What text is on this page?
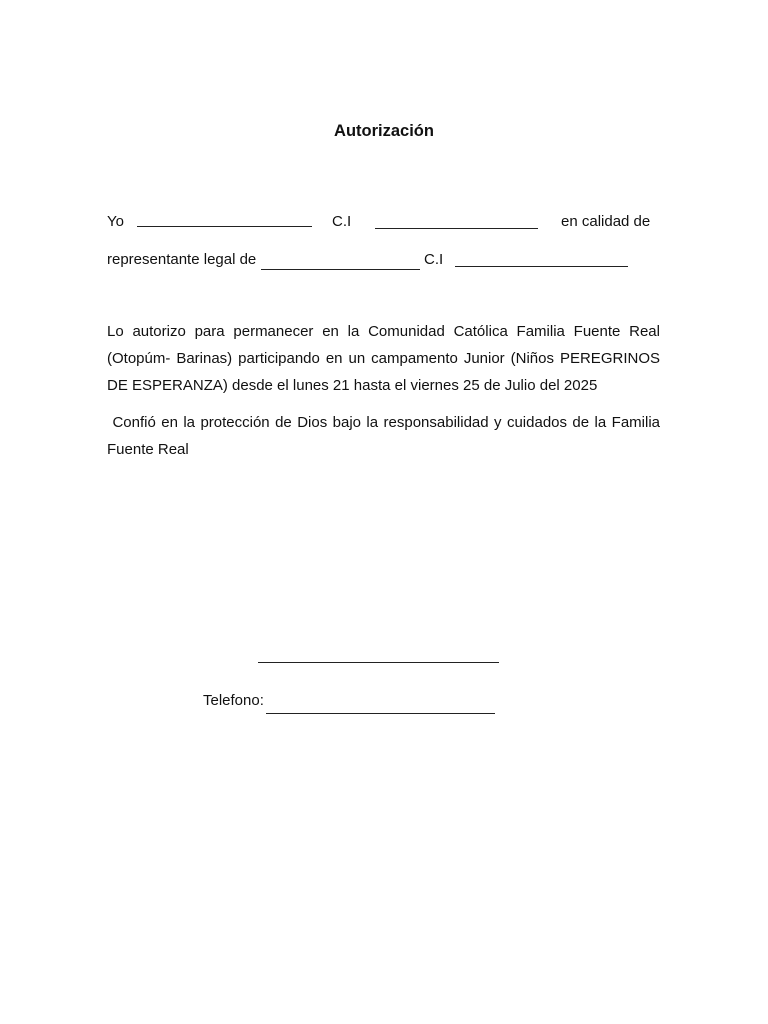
Autorización
Yo	C.I	en calidad de
representante legal de	C.I
Lo autorizo para permanecer en la Comunidad Católica Familia Fuente Real (Otopúm- Barinas) participando en un campamento Junior (Niños PEREGRINOS DE ESPERANZA) desde el lunes 21 hasta el viernes 25 de Julio del 2025
Confió en la protección de Dios bajo la responsabilidad y cuidados de la Familia Fuente Real
Telefono:
